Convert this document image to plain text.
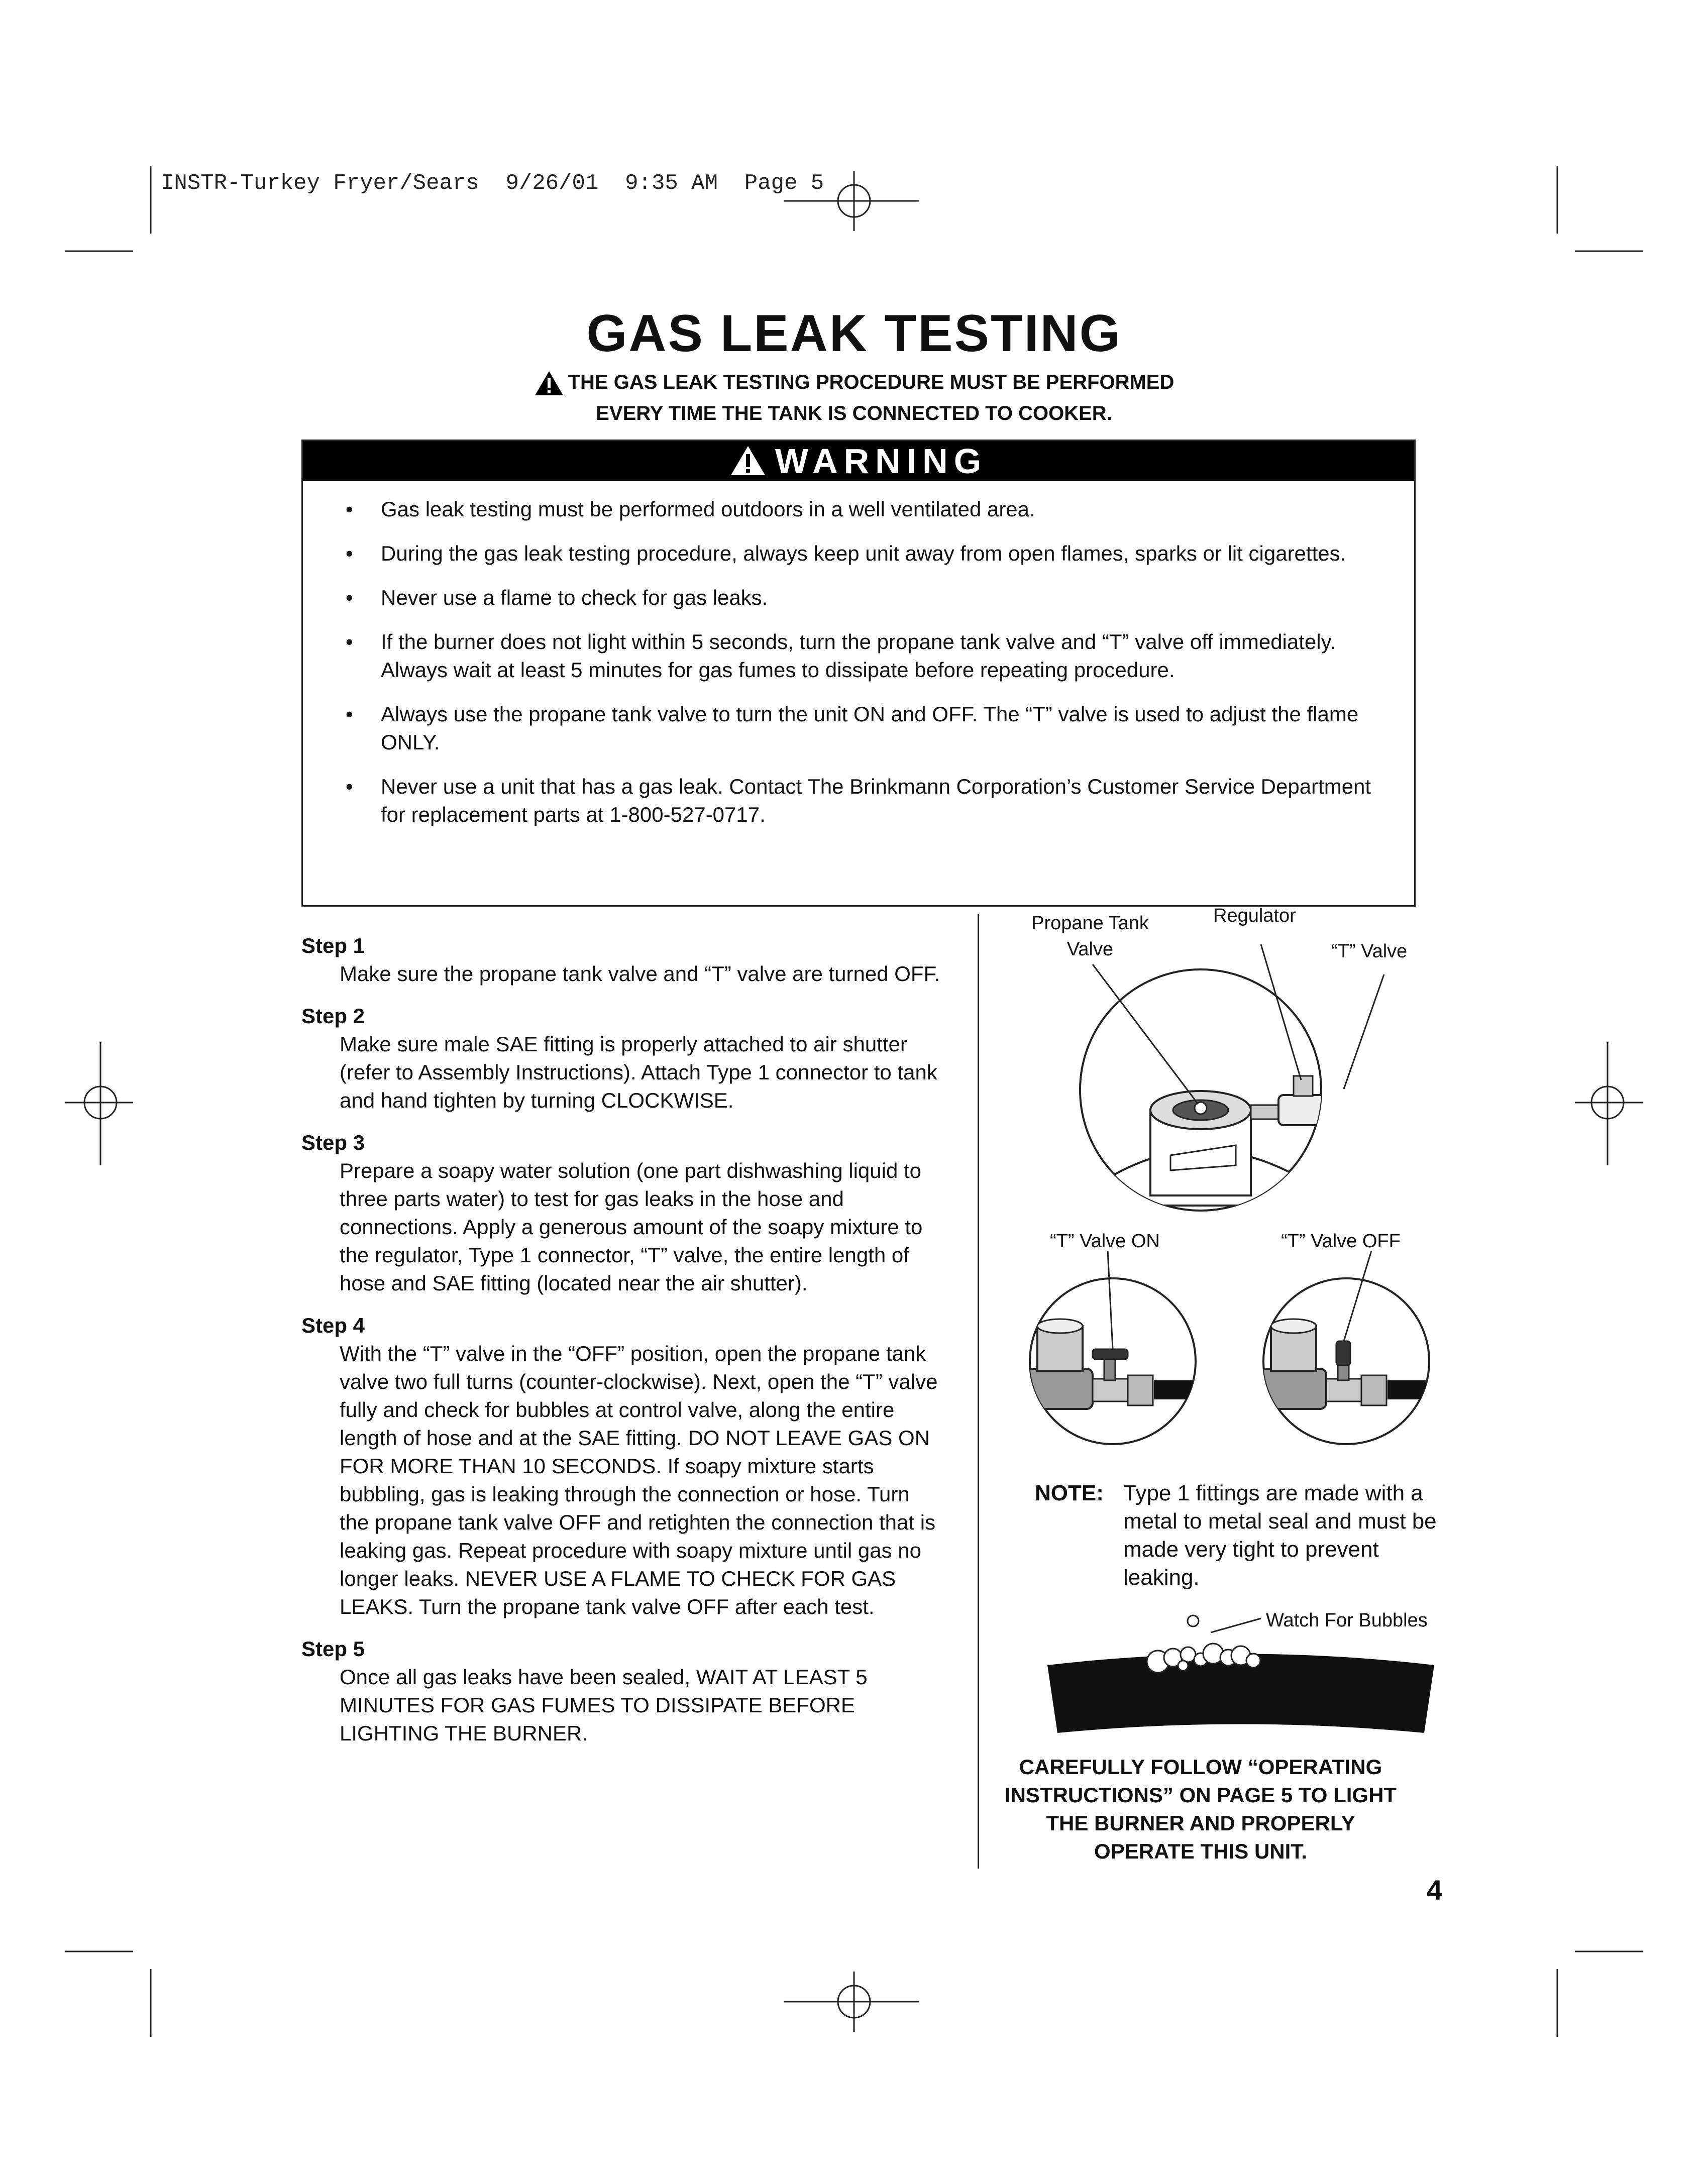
INSTR-Turkey Fryer/Sears  9/26/01  9:35 AM  Page 5
GAS LEAK TESTING
THE GAS LEAK TESTING PROCEDURE MUST BE PERFORMED
EVERY TIME THE TANK IS CONNECTED TO COOKER.
WARNING
• Gas leak testing must be performed outdoors in a well ventilated area.
• During the gas leak testing procedure, always keep unit away from open flames, sparks or lit cigarettes.
• Never use a flame to check for gas leaks.
• If the burner does not light within 5 seconds, turn the propane tank valve and “T” valve off immediately. Always wait at least 5 minutes for gas fumes to dissipate before repeating procedure.
• Always use the propane tank valve to turn the unit ON and OFF. The “T” valve is used to adjust the flame ONLY.
• Never use a unit that has a gas leak. Contact The Brinkmann Corporation’s Customer Service Department for replacement parts at 1-800-527-0717.
Step 1
Make sure the propane tank valve and “T” valve are turned OFF.
Step 2
Make sure male SAE fitting is properly attached to air shutter (refer to Assembly Instructions). Attach Type 1 connector to tank and hand tighten by turning CLOCKWISE.
Step 3
Prepare a soapy water solution (one part dishwashing liquid to three parts water) to test for gas leaks in the hose and connections. Apply a generous amount of the soapy mixture to the regulator, Type 1 connector, “T” valve, the entire length of hose and SAE fitting (located near the air shutter).
Step 4
With the “T” valve in the “OFF” position, open the propane tank valve two full turns (counter-clockwise). Next, open the “T” valve fully and check for bubbles at control valve, along the entire length of hose and at the SAE fitting. DO NOT LEAVE GAS ON FOR MORE THAN 10 SECONDS. If soapy mixture starts bubbling, gas is leaking through the connection or hose. Turn the propane tank valve OFF and retighten the connection that is leaking gas. Repeat procedure with soapy mixture until gas no longer leaks. NEVER USE A FLAME TO CHECK FOR GAS LEAKS. Turn the propane tank valve OFF after each test.
Step 5
Once all gas leaks have been sealed, WAIT AT LEAST 5 MINUTES FOR GAS FUMES TO DISSIPATE BEFORE LIGHTING THE BURNER.
Propane Tank
Valve
Regulator
“T” Valve
“T” Valve ON	“T” Valve OFF
Watch For Bubbles
NOTE: Type 1 fittings are made with a metal to metal seal and must be made very tight to prevent leaking.
CAREFULLY FOLLOW “OPERATING INSTRUCTIONS” ON PAGE 5 TO LIGHT THE BURNER AND PROPERLY OPERATE THIS UNIT.
4
